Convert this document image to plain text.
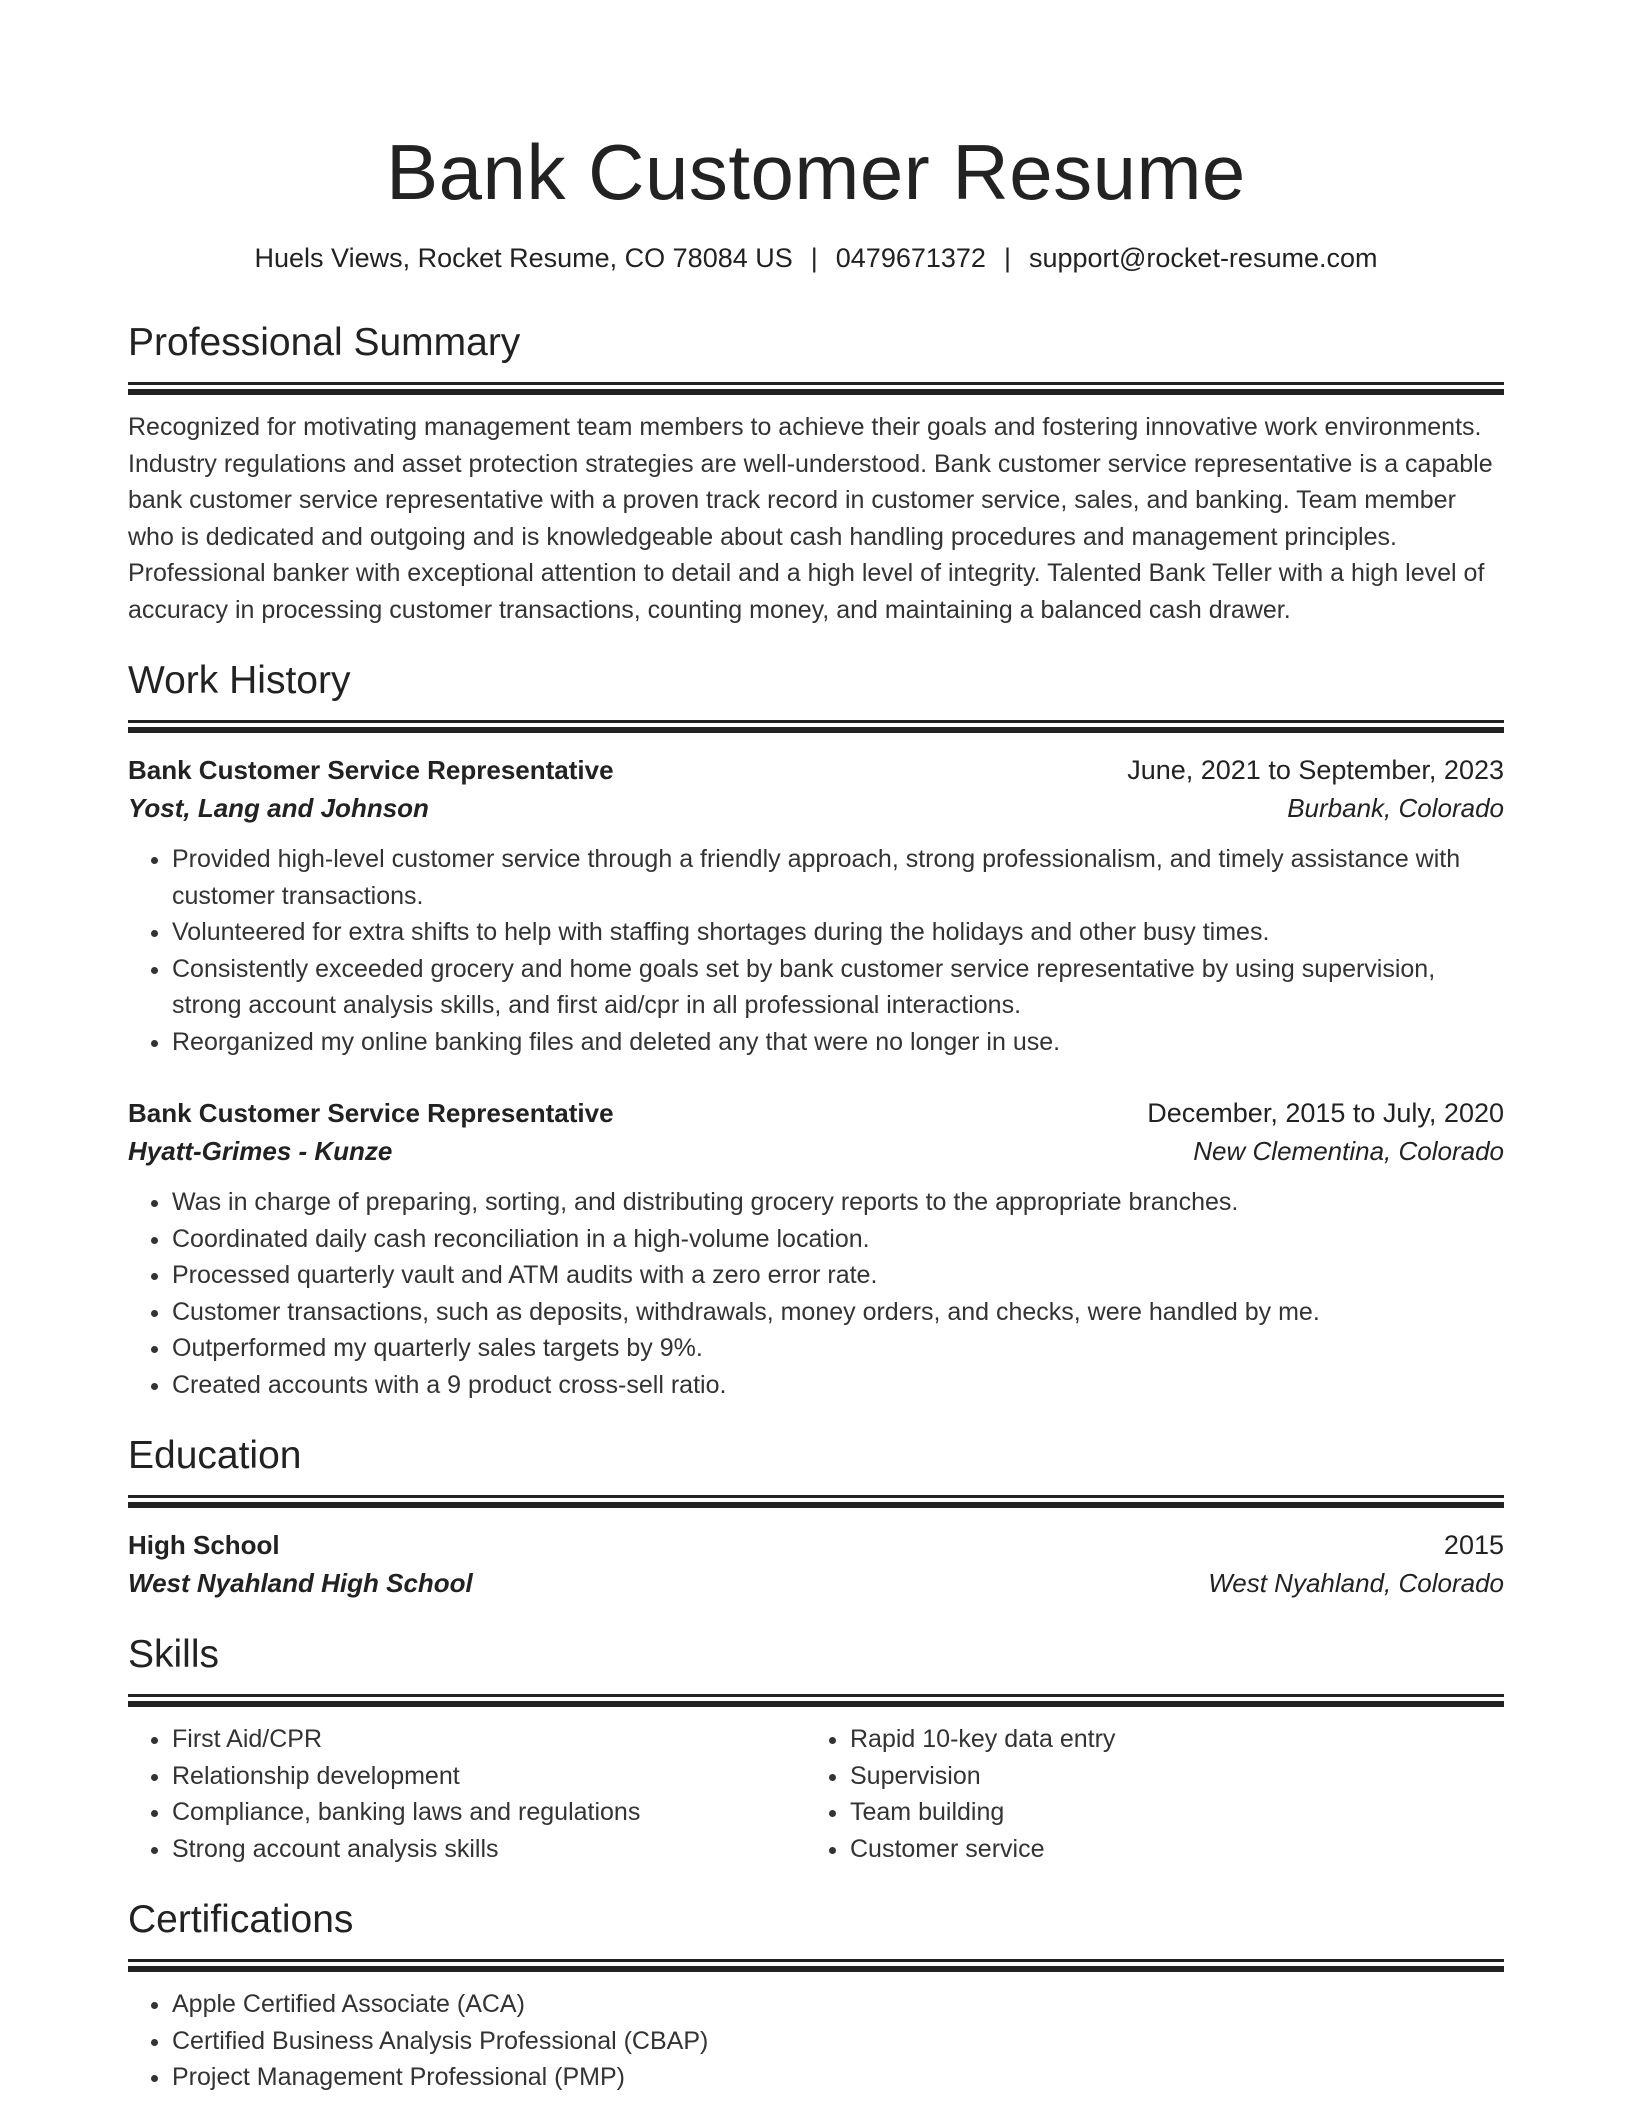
Bank Customer Resume
Huels Views, Rocket Resume, CO 78084 US | 0479671372 | support@rocket-resume.com
Professional Summary
Recognized for motivating management team members to achieve their goals and fostering innovative work environments. Industry regulations and asset protection strategies are well-understood. Bank customer service representative is a capable bank customer service representative with a proven track record in customer service, sales, and banking. Team member who is dedicated and outgoing and is knowledgeable about cash handling procedures and management principles. Professional banker with exceptional attention to detail and a high level of integrity. Talented Bank Teller with a high level of accuracy in processing customer transactions, counting money, and maintaining a balanced cash drawer.
Work History
Bank Customer Service Representative	June, 2021 to September, 2023
Yost, Lang and Johnson	Burbank, Colorado
• Provided high-level customer service through a friendly approach, strong professionalism, and timely assistance with customer transactions.
• Volunteered for extra shifts to help with staffing shortages during the holidays and other busy times.
• Consistently exceeded grocery and home goals set by bank customer service representative by using supervision, strong account analysis skills, and first aid/cpr in all professional interactions.
• Reorganized my online banking files and deleted any that were no longer in use.
Bank Customer Service Representative	December, 2015 to July, 2020
Hyatt-Grimes - Kunze	New Clementina, Colorado
• Was in charge of preparing, sorting, and distributing grocery reports to the appropriate branches.
• Coordinated daily cash reconciliation in a high-volume location.
• Processed quarterly vault and ATM audits with a zero error rate.
• Customer transactions, such as deposits, withdrawals, money orders, and checks, were handled by me.
• Outperformed my quarterly sales targets by 9%.
• Created accounts with a 9 product cross-sell ratio.
Education
High School	2015
West Nyahland High School	West Nyahland, Colorado
Skills
• First Aid/CPR
• Relationship development
• Compliance, banking laws and regulations
• Strong account analysis skills
• Rapid 10-key data entry
• Supervision
• Team building
• Customer service
Certifications
• Apple Certified Associate (ACA)
• Certified Business Analysis Professional (CBAP)
• Project Management Professional (PMP)
